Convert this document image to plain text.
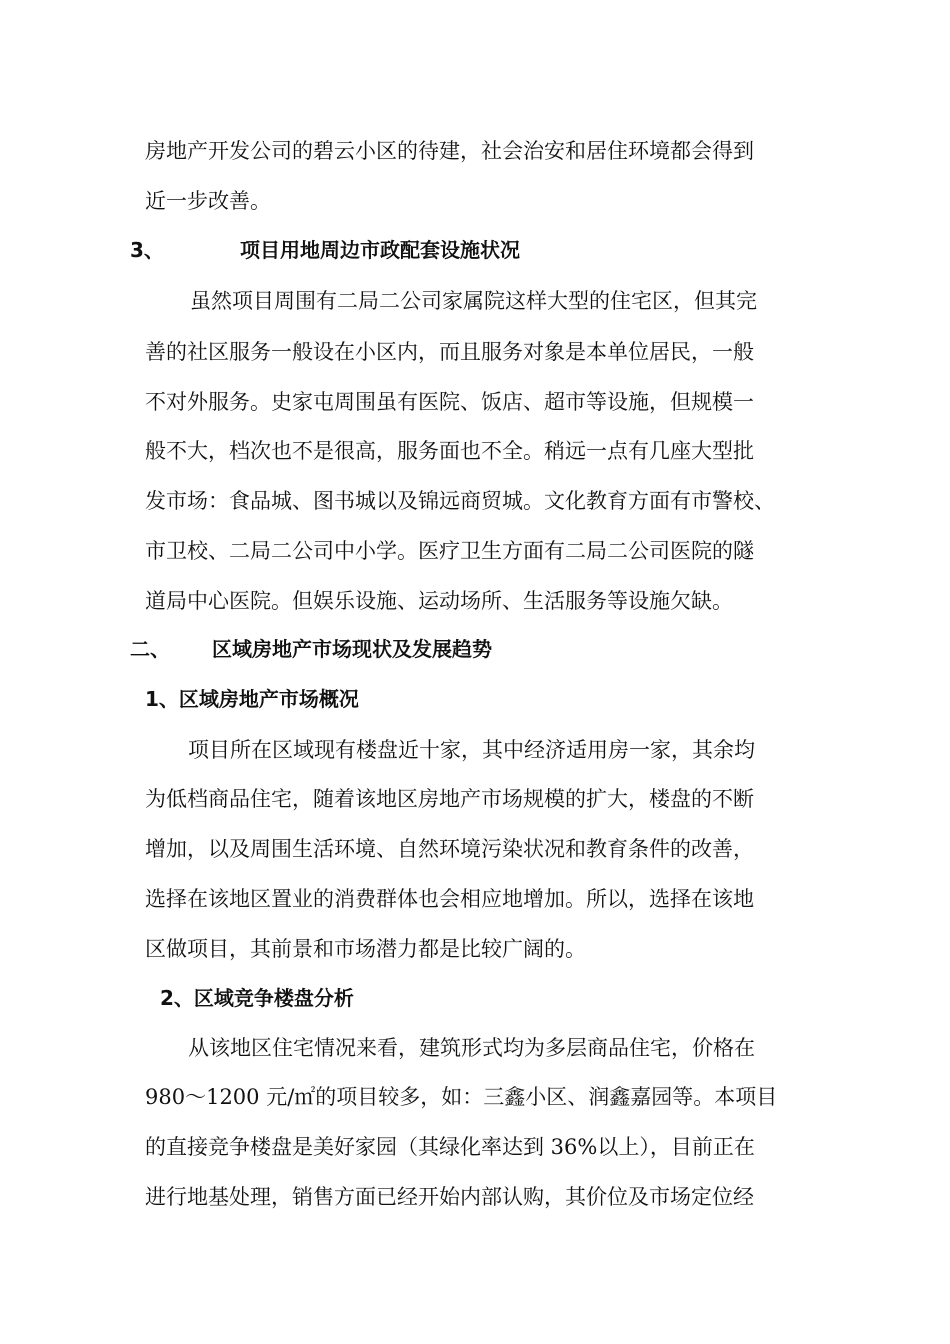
房地产开发公司的碧云小区的待建，社会治安和居住环境都会得到
近一步改善。
3、	项目用地周边市政配套设施状况
虽然项目周围有二局二公司家属院这样大型的住宅区，但其完
善的社区服务一般设在小区内，而且服务对象是本单位居民，一般
不对外服务。史家屯周围虽有医院、饭店、超市等设施，但规模一
般不大，档次也不是很高，服务面也不全。稍远一点有几座大型批
发市场：食品城、图书城以及锦远商贸城。文化教育方面有市警校、
市卫校、二局二公司中小学。医疗卫生方面有二局二公司医院的隧
道局中心医院。但娱乐设施、运动场所、生活服务等设施欠缺。
二、 区域房地产市场现状及发展趋势
1、区域房地产市场概况
项目所在区域现有楼盘近十家，其中经济适用房一家，其余均
为低档商品住宅，随着该地区房地产市场规模的扩大，楼盘的不断
增加，以及周围生活环境、自然环境污染状况和教育条件的改善，
选择在该地区置业的消费群体也会相应地增加。所以，选择在该地
区做项目，其前景和市场潜力都是比较广阔的。
2、区域竞争楼盘分析
从该地区住宅情况来看，建筑形式均为多层商品住宅，价格在
980～1200 元/㎡的项目较多，如：三鑫小区、润鑫嘉园等。本项目
的直接竞争楼盘是美好家园（其绿化率达到 36%以上），目前正在
进行地基处理，销售方面已经开始内部认购，其价位及市场定位经
